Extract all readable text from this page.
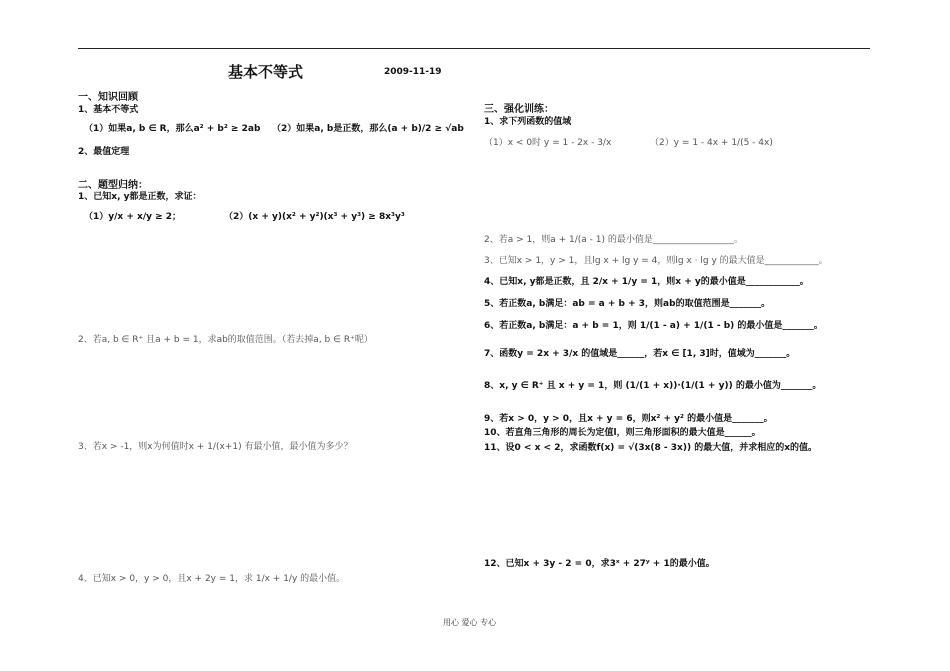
基本不等式	2009-11-19
一、知识回顾
1、基本不等式
（1）如果a, b ∈ R，那么a² + b² ≥ 2ab （2）如果a, b是正数，那么(a + b)/2 ≥ √ab
2、最值定理
二、题型归纳：
1、已知x, y都是正数，求证：
（1）y/x + x/y ≥ 2；	（2）(x + y)(x² + y²)(x³ + y³) ≥ 8x³y³
2、若a, b ∈ R⁺ 且a + b = 1，求ab的取值范围。（若去掉a, b ∈ R⁺呢）
3、若x > -1，则x为何值时x + 1/(x+1) 有最小值，最小值为多少？
4、已知x > 0，y > 0，且x + 2y = 1，求 1/x + 1/y 的最小值。
三、强化训练：
1、求下列函数的值域
（1）x < 0时 y = 1 - 2x - 3/x	（2）y = 1 - 4x + 1/(5 - 4x)
2、若a > 1，则a + 1/(a - 1) 的最小值是__________________。
3、已知x > 1，y > 1，且lg x + lg y = 4，则lg x · lg y 的最大值是____________。
4、已知x, y都是正数，且 2/x + 1/y = 1，则x + y的最小值是____________。
5、若正数a, b满足：ab = a + b + 3，则ab的取值范围是_______。
6、若正数a, b满足：a + b = 1，则 1/(1 - a) + 1/(1 - b) 的最小值是_______。
7、函数y = 2x + 3/x 的值域是______，若x ∈ [1, 3]时，值域为_______。
8、x, y ∈ R⁺ 且 x + y = 1，则 (1/(1 + x))·(1/(1 + y)) 的最小值为_______。
9、若x > 0，y > 0，且x + y = 6，则x² + y² 的最小值是_______。
10、若直角三角形的周长为定值l，则三角形面积的最大值是______。
11、设0 < x < 2，求函数f(x) = √(3x(8 - 3x)) 的最大值，并求相应的x的值。
12、已知x + 3y - 2 = 0，求3ˣ + 27ʸ + 1的最小值。
用心 爱心 专心
